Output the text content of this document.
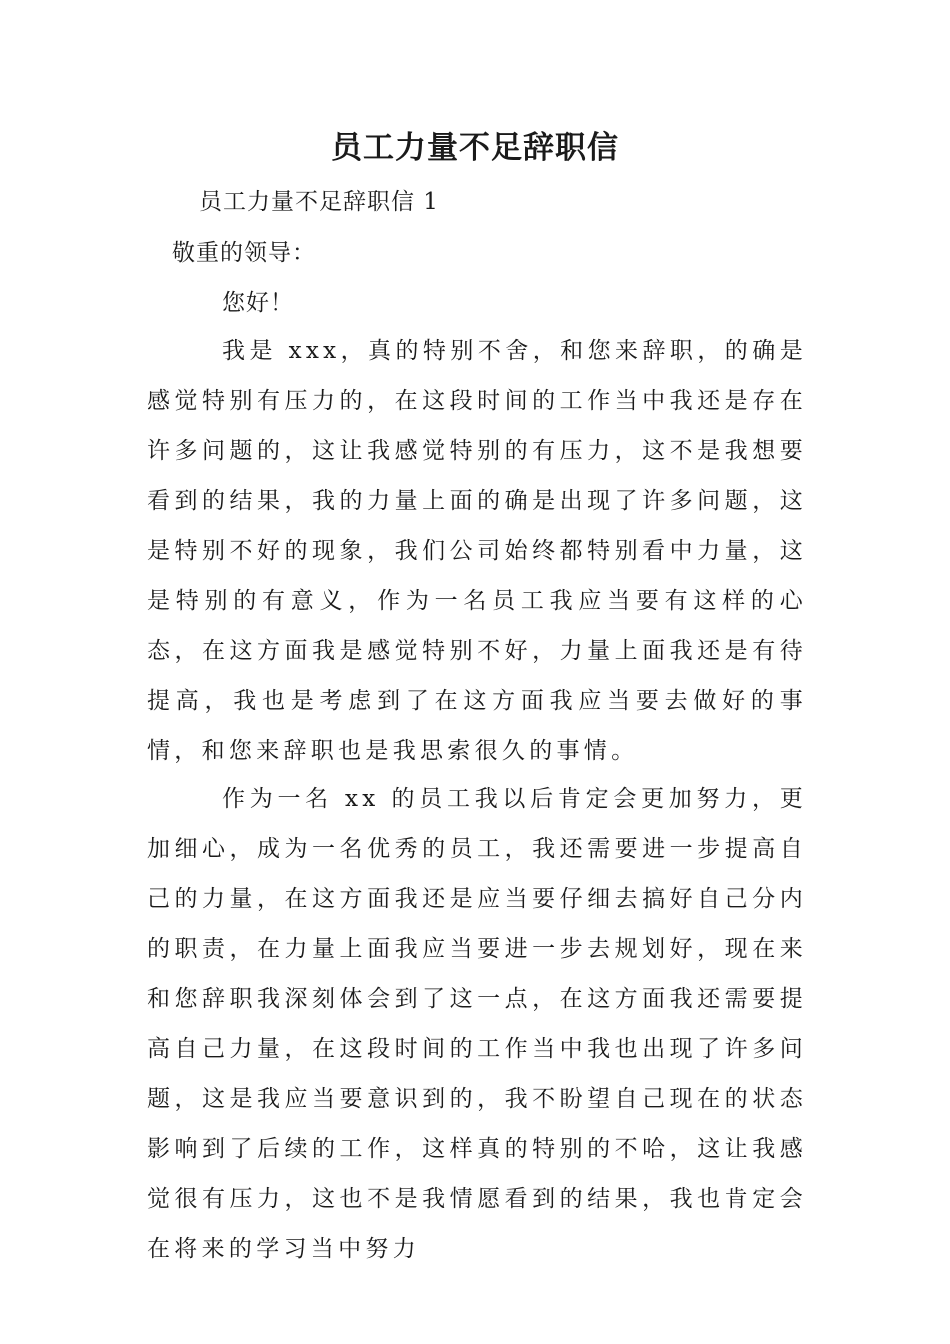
员工力量不足辞职信
员工力量不足辞职信 1
敬重的领导：
您好！
我是 xxx，真的特别不舍，和您来辞职，的确是感觉特别有压力的，在这段时间的工作当中我还是存在许多问题的，这让我感觉特别的有压力，这不是我想要看到的结果，我的力量上面的确是出现了许多问题，这是特别不好的现象，我们公司始终都特别看中力量，这是特别的有意义，作为一名员工我应当要有这样的心态，在这方面我是感觉特别不好，力量上面我还是有待提高，我也是考虑到了在这方面我应当要去做好的事情，和您来辞职也是我思索很久的事情。
作为一名 xx 的员工我以后肯定会更加努力，更加细心，成为一名优秀的员工，我还需要进一步提高自己的力量，在这方面我还是应当要仔细去搞好自己分内的职责，在力量上面我应当要进一步去规划好，现在来和您辞职我深刻体会到了这一点，在这方面我还需要提高自己力量，在这段时间的工作当中我也出现了许多问题，这是我应当要意识到的，我不盼望自己现在的状态影响到了后续的工作，这样真的特别的不哈，这让我感觉很有压力，这也不是我情愿看到的结果，我也肯定会在将来的学习当中努力
